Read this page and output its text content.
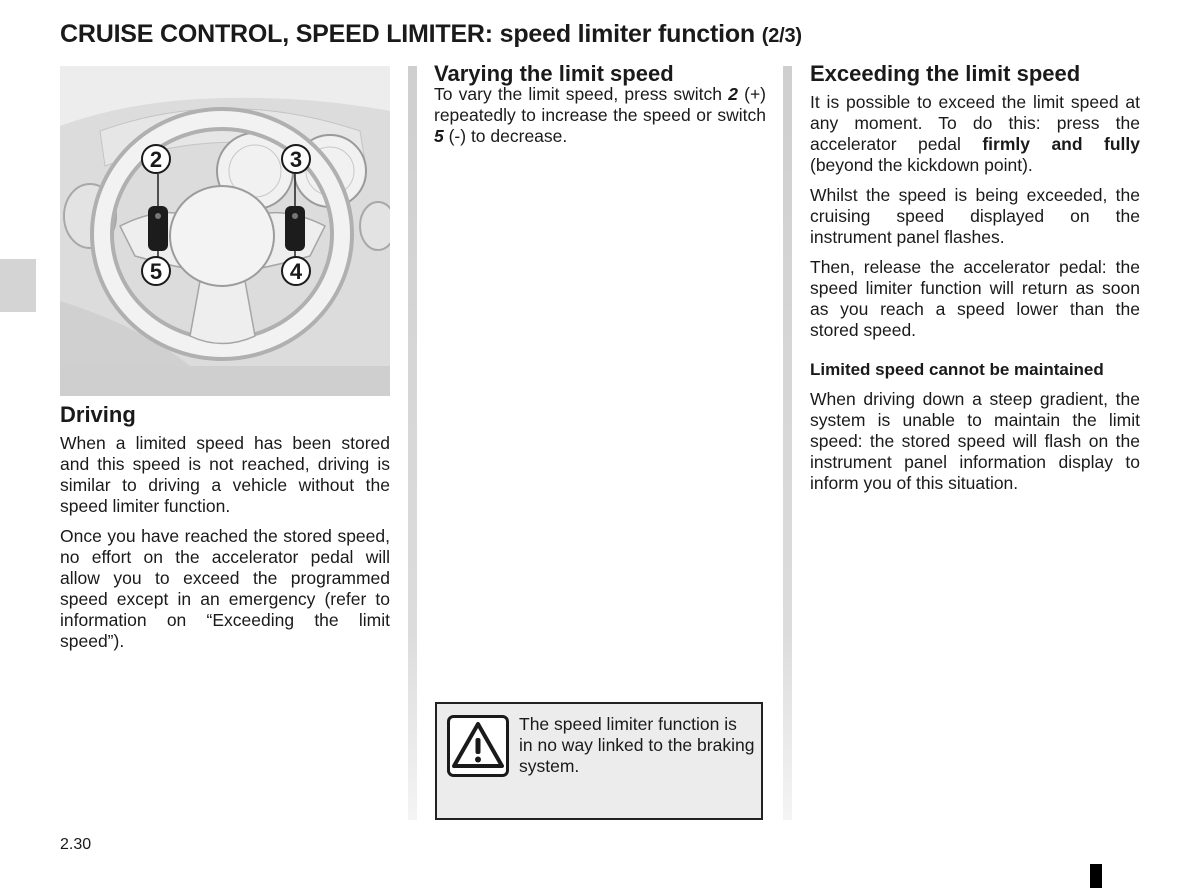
CRUISE CONTROL, SPEED LIMITER: speed limiter function (2/3)
2	3
5	4
Driving

When a limited speed has been stored and this speed is not reached, driving is similar to driving a vehicle without the speed limiter function.

Once you have reached the stored speed, no effort on the accelerator pedal will allow you to exceed the programmed speed except in an emergency (refer to information on “Exceeding the limit speed”).

Varying the limit speed

To vary the limit speed, press switch 2 (+) repeatedly to increase the speed or switch 5 (-) to decrease.

The speed limiter function is in no way linked to the braking system.
Exceeding the limit speed

It is possible to exceed the limit speed at any moment. To do this: press the accelerator pedal firmly and fully (beyond the kickdown point).

Whilst the speed is being exceeded, the cruising speed displayed on the instrument panel flashes.

Then, release the accelerator pedal: the speed limiter function will return as soon as you reach a speed lower than the stored speed.

Limited speed cannot be maintained

When driving down a steep gradient, the system is unable to maintain the limit speed: the stored speed will flash on the instrument panel information display to inform you of this situation.

2.30
